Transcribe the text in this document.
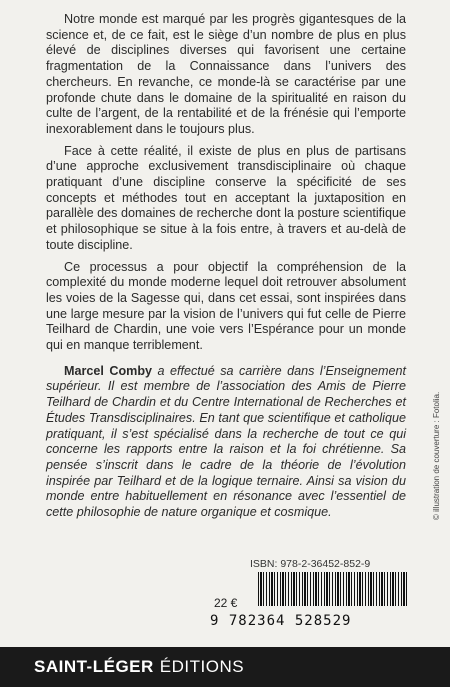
Notre monde est marqué par les progrès gigantesques de la science et, de ce fait, est le siège d’un nombre de plus en plus élevé de disciplines diverses qui favorisent une certaine fragmentation de la Connaissance dans l’univers des chercheurs. En revanche, ce monde-là se caractérise par une profonde chute dans le domaine de la spiritualité en raison du culte de l’argent, de la rentabilité et de la frénésie qui l’emporte inexorablement dans le toujours plus.

Face à cette réalité, il existe de plus en plus de partisans d’une approche exclusivement transdisciplinaire où chaque pratiquant d’une discipline conserve la spécificité de ses concepts et méthodes tout en acceptant la juxtaposition en parallèle des domaines de recherche dont la posture scientifique et philosophique se situe à la fois entre, à travers et au-delà de toute discipline.

Ce processus a pour objectif la compréhension de la complexité du monde moderne lequel doit retrouver absolument les voies de la Sagesse qui, dans cet essai, sont inspirées dans une large mesure par la vision de l’univers qui fut celle de Pierre Teilhard de Chardin, une voie vers l’Espérance pour un monde qui en manque terriblement.

Marcel Comby a effectué sa carrière dans l’Enseignement supérieur. Il est membre de l’association des Amis de Pierre Teilhard de Chardin et du Centre International de Recherches et Études Transdisciplinaires. En tant que scientifique et catholique pratiquant, il s’est spécialisé dans la recherche de tout ce qui concerne les rapports entre la raison et la foi chrétienne. Sa pensée s’inscrit dans le cadre de la théorie de l’évolution inspirée par Teilhard et de la logique ternaire. Ainsi sa vision du monde entre habituellement en résonance avec l’essentiel de cette philosophie de nature organique et cosmique.	© illustration de couverture : Fotolia.
ISBN: 978-2-36452-852-9
22 €
9 782364 528529
SAINT-LÉGER ÉDITIONS
